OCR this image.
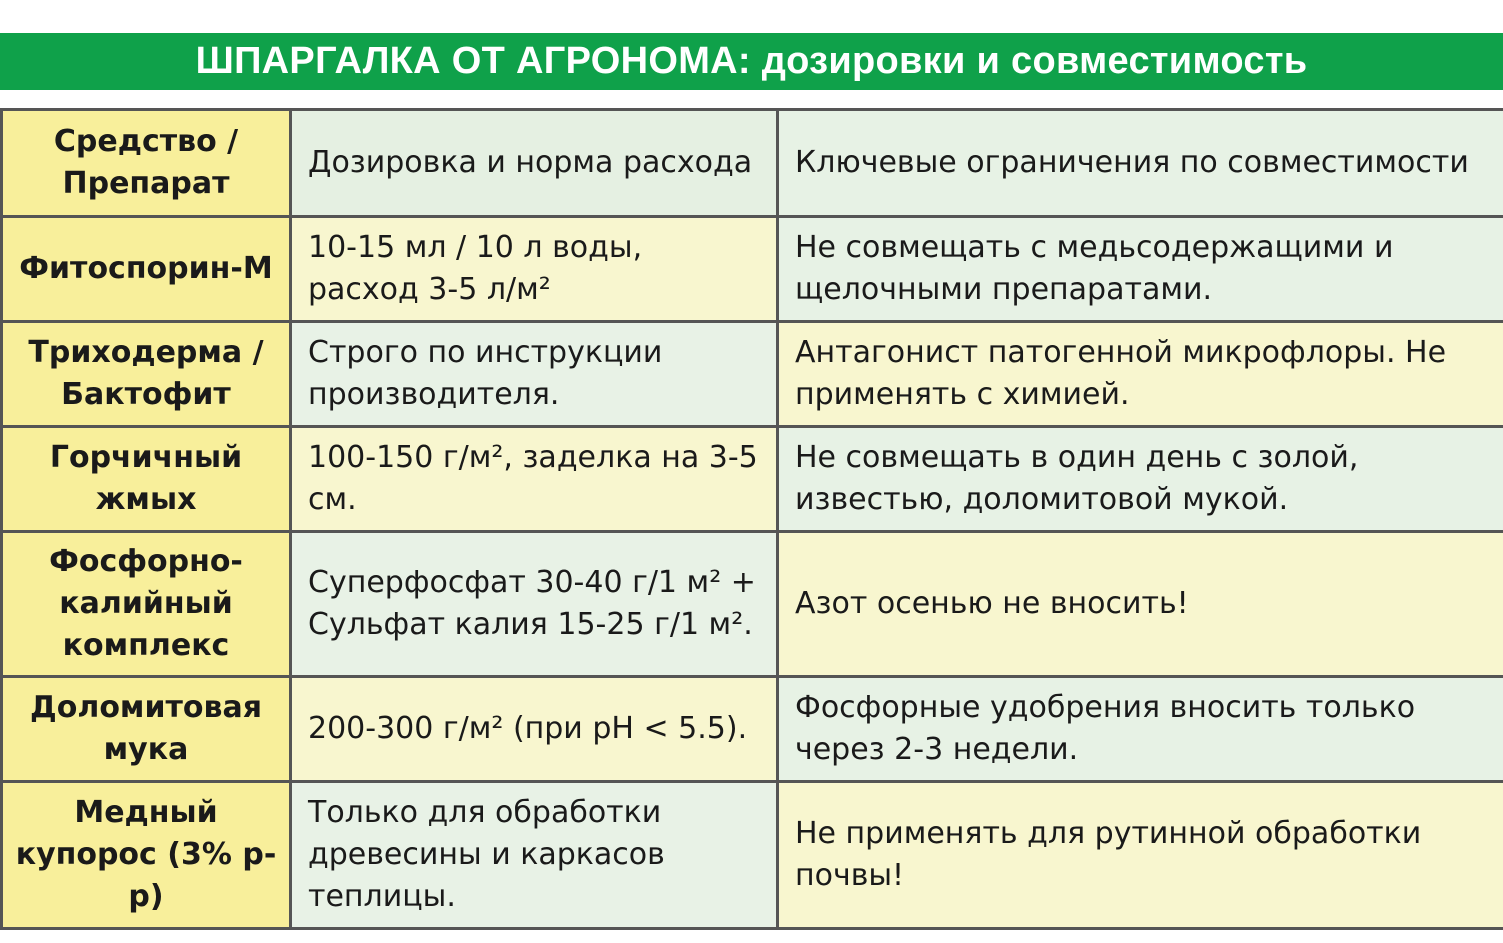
ШПАРГАЛКА ОТ АГРОНОМА: дозировки и совместимость
Средство / Препарат	Дозировка и норма расхода	Ключевые ограничения по совместимости
Фитоспорин-М	10-15 мл / 10 л воды, расход 3-5 л/м²	Не совмещать с медьсодержащими и щелочными препаратами.
Триходерма / Бактофит	Строго по инструкции производителя.	Антагонист патогенной микрофлоры. Не применять с химией.
Горчичный жмых	100-150 г/м², заделка на 3-5 см.	Не совмещать в один день с золой, известью, доломитовой мукой.
Фосфорно-калийный комплекс	Суперфосфат 30-40 г/1 м² + Сульфат калия 15-25 г/1 м².	Азот осенью не вносить!
Доломитовая мука	200-300 г/м² (при pH < 5.5).	Фосфорные удобрения вносить только через 2-3 недели.
Медный купорос (3% р-р)	Только для обработки древесины и каркасов теплицы.	Не применять для рутинной обработки почвы!
